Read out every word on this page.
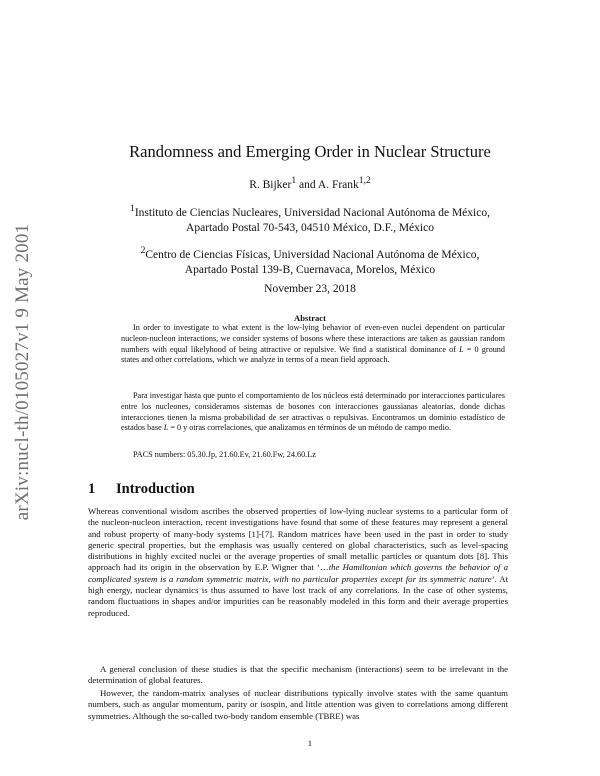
arXiv:nucl-th/0105027v1 9 May 2001
Randomness and Emerging Order in Nuclear Structure
R. Bijker$^1$ and A. Frank$^{1,2}$
$^1$Instituto de Ciencias Nucleares, Universidad Nacional Autónoma de México,
Apartado Postal 70-543, 04510 México, D.F., México
$^2$Centro de Ciencias Físicas, Universidad Nacional Autónoma de México,
Apartado Postal 139-B, Cuernavaca, Morelos, México
November 23, 2018
Abstract
In order to investigate to what extent is the low-lying behavior of even-even nuclei dependent on particular nucleon-nucleon interactions, we consider systems of bosons where these interactions are taken as gaussian random numbers with equal likelyhood of being attractive or repulsive. We find a statistical dominance of L = 0 ground states and other correlations, which we analyze in terms of a mean field approach.
Para investigar hasta que punto el comportamiento de los núcleos está determinado por interacciones particulares entre los nucleones, consideramos sistemas de bosones con interacciones gaussianas aleatorias, donde dichas interacciones tienen la misma probabilidad de ser atractivas o repulsivas. Encontramos un dominio estadístico de estados base L = 0 y otras correlaciones, que analizamos en términos de un método de campo medio.
PACS numbers: 05.30.Jp, 21.60.Ev, 21.60.Fw, 24.60.Lz
1 Introduction
Whereas conventional wisdom ascribes the observed properties of low-lying nuclear systems to a particular form of the nucleon-nucleon interaction, recent investigations have found that some of these features may represent a general and robust property of many-body systems [1]-[7]. Random matrices have been used in the past in order to study generic spectral properties, but the emphasis was usually centered on global characteristics, such as level-spacing distributions in highly excited nuclei or the average properties of small metallic particles or quantum dots [8]. This approach had its origin in the observation by E.P. Wigner that ‘…the Hamiltonian which governs the behavior of a complicated system is a random symmetric matrix, with no particular properties except for its symmetric nature’. At high energy, nuclear dynamics is thus assumed to have lost track of any correlations. In the case of other systems, random fluctuations in shapes and/or impurities can be reasonably modeled in this form and their average properties reproduced.
A general conclusion of these studies is that the specific mechanism (interactions) seem to be irrelevant in the determination of global features.
However, the random-matrix analyses of nuclear distributions typically involve states with the same quantum numbers, such as angular momentum, parity or isospin, and little attention was given to correlations among different symmetries. Although the so-called two-body random ensemble (TBRE) was
1
